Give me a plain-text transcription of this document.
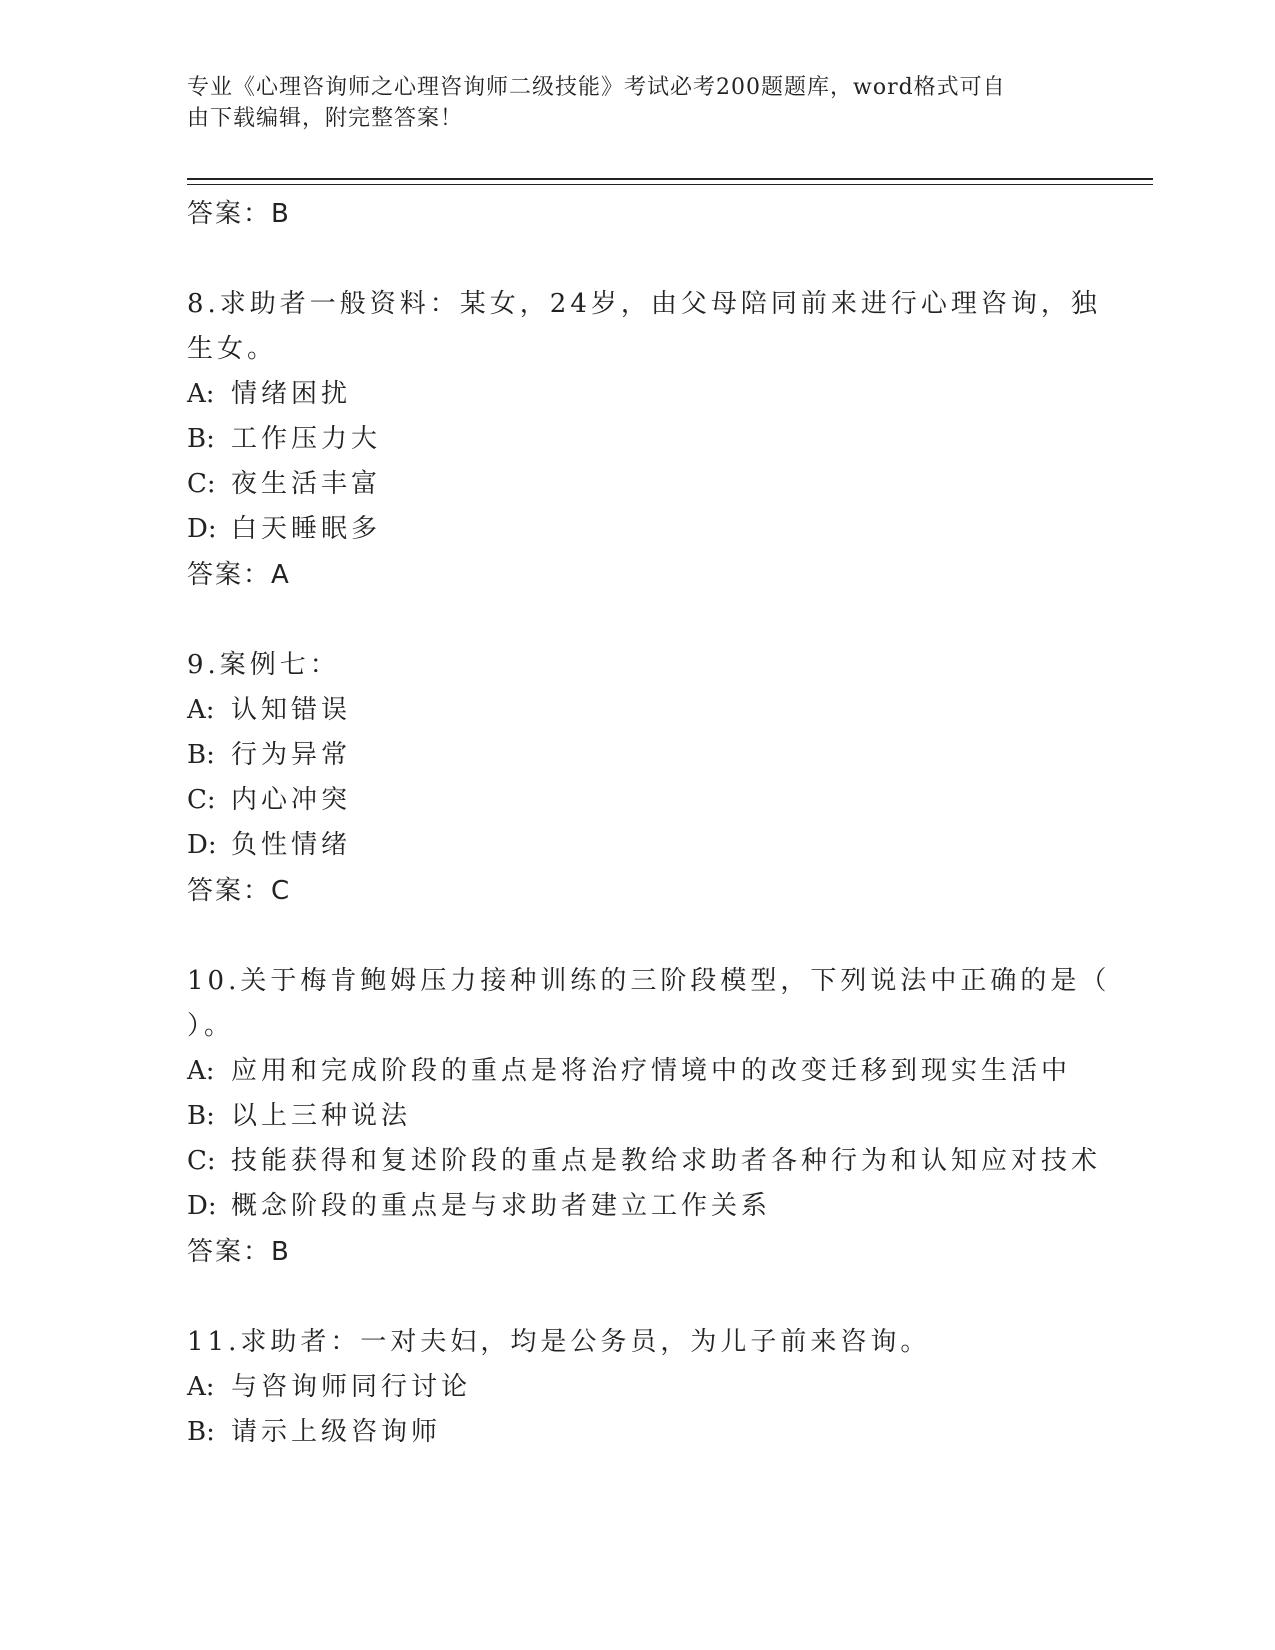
专业《心理咨询师之心理咨询师二级技能》考试必考200题题库，word格式可自
由下载编辑，附完整答案！
答案：B
8.求助者一般资料：某女，24岁，由父母陪同前来进行心理咨询，独
生女。
A: 情绪困扰
B: 工作压力大
C: 夜生活丰富
D: 白天睡眠多
答案：A
9.案例七：
A: 认知错误
B: 行为异常
C: 内心冲突
D: 负性情绪
答案：C
10.关于梅肯鲍姆压力接种训练的三阶段模型，下列说法中正确的是（
）。
A: 应用和完成阶段的重点是将治疗情境中的改变迁移到现实生活中
B: 以上三种说法
C: 技能获得和复述阶段的重点是教给求助者各种行为和认知应对技术
D: 概念阶段的重点是与求助者建立工作关系
答案：B
11.求助者：一对夫妇，均是公务员，为儿子前来咨询。
A: 与咨询师同行讨论
B: 请示上级咨询师
